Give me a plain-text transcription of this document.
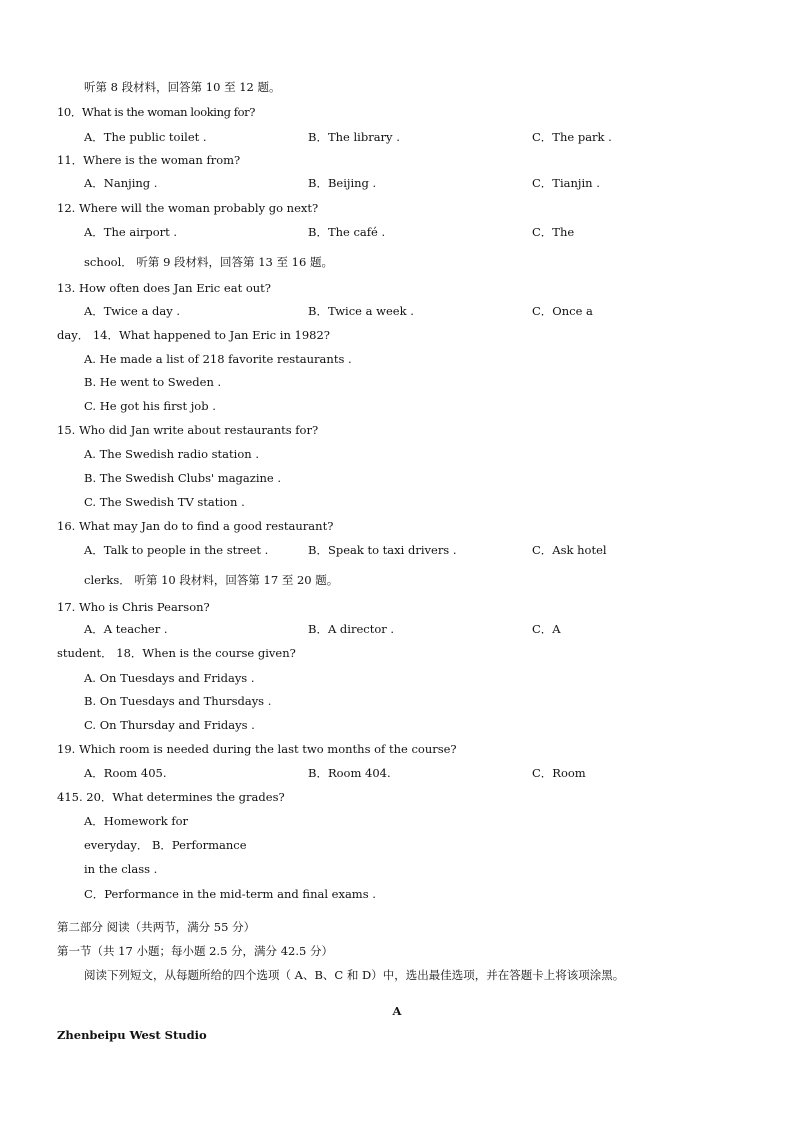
听第 8 段材料，回答第 10 至 12 题。
10．What is the woman looking for?
A．The public toilet .	B．The library .	C．The park .
11．Where is the woman from?
A．Nanjing .	B．Beijing .	C．Tianjin .
12. Where will the woman probably go next?
A．The airport .	B．The café .	C．The
school． 听第 9 段材料，回答第 13 至 16 题。
13. How often does Jan Eric eat out?
A．Twice a day .	B．Twice a week .	C．Once a
day． 14．What happened to Jan Eric in 1982?
A. He made a list of 218 favorite restaurants .
B. He went to Sweden .
C. He got his first job .
15. Who did Jan write about restaurants for?
A. The Swedish radio station .
B. The Swedish Clubs' magazine .
C. The Swedish TV station .
16. What may Jan do to find a good restaurant?
A．Talk to people in the street .	B．Speak to taxi drivers .	C．Ask hotel
clerks． 听第 10 段材料，回答第 17 至 20 题。
17. Who is Chris Pearson?
A．A teacher .	B．A director .	C．A
student． 18．When is the course given?
A. On Tuesdays and Fridays .
B. On Tuesdays and Thursdays .
C. On Thursday and Fridays .
19. Which room is needed during the last two months of the course?
A．Room 405.	B．Room 404.	C．Room
415. 20．What determines the grades?
A．Homework for
everyday． B．Performance
in the class .
C．Performance in the mid-term and final exams .
第二部分 阅读（共两节，满分 55 分）
第一节（共 17 小题；每小题 2.5 分，满分 42.5 分）
阅读下列短文，从每题所给的四个选项（ A、B、C 和 D）中，选出最佳选项，并在答题卡上将该项涂黑。
A
Zhenbeipu West Studio
